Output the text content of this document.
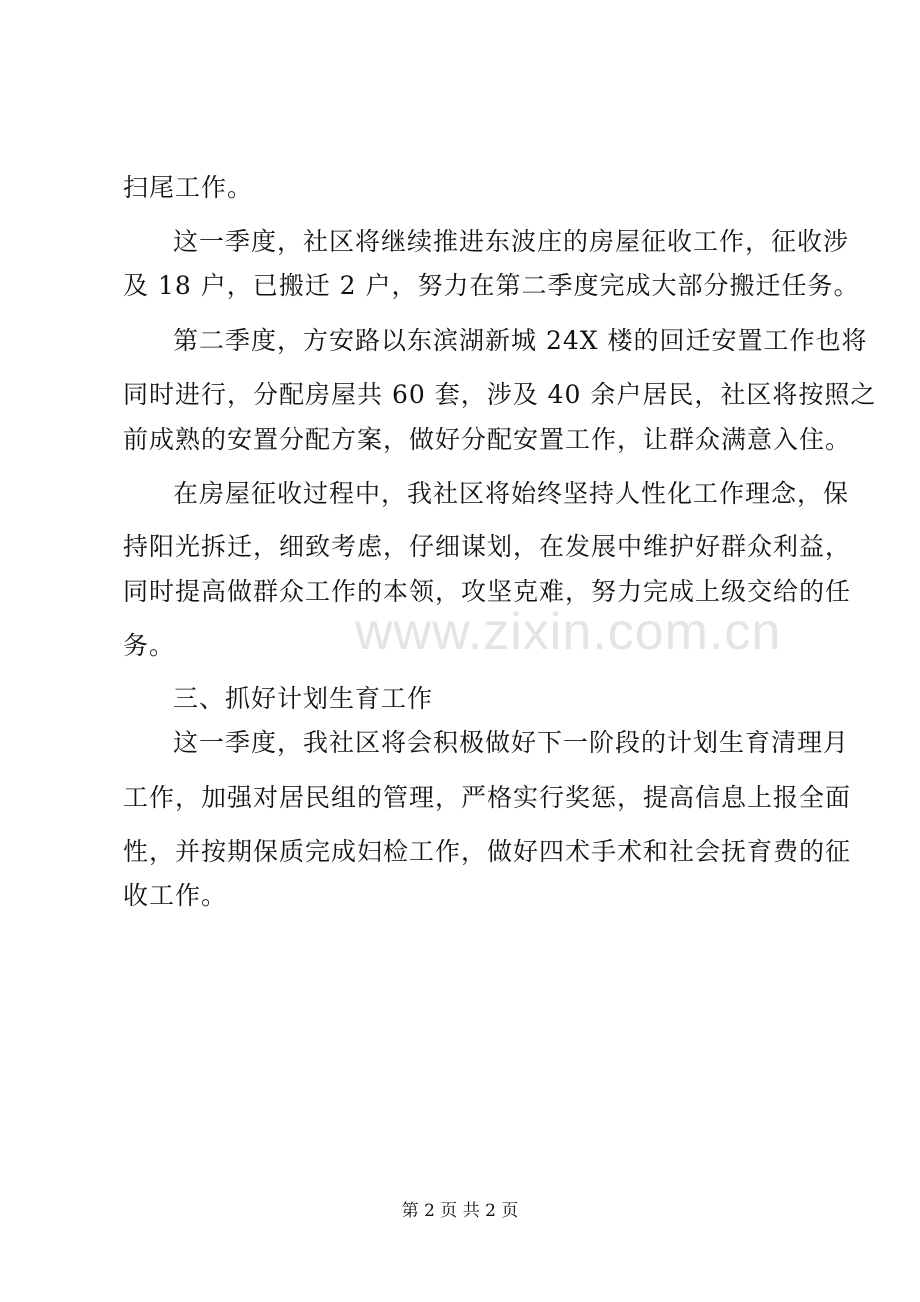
www.zixin.com.cn
扫尾工作。
这一季度，社区将继续推进东波庄的房屋征收工作，征收涉
及 18 户，已搬迁 2 户，努力在第二季度完成大部分搬迁任务。
第二季度，方安路以东滨湖新城 24X 楼的回迁安置工作也将
同时进行，分配房屋共 60 套，涉及 40 余户居民，社区将按照之
前成熟的安置分配方案，做好分配安置工作，让群众满意入住。
在房屋征收过程中，我社区将始终坚持人性化工作理念，保
持阳光拆迁，细致考虑，仔细谋划，在发展中维护好群众利益，
同时提高做群众工作的本领，攻坚克难，努力完成上级交给的任
务。
三、抓好计划生育工作
这一季度，我社区将会积极做好下一阶段的计划生育清理月
工作，加强对居民组的管理，严格实行奖惩，提高信息上报全面
性，并按期保质完成妇检工作，做好四术手术和社会抚育费的征
收工作。
第 2 页 共 2 页
